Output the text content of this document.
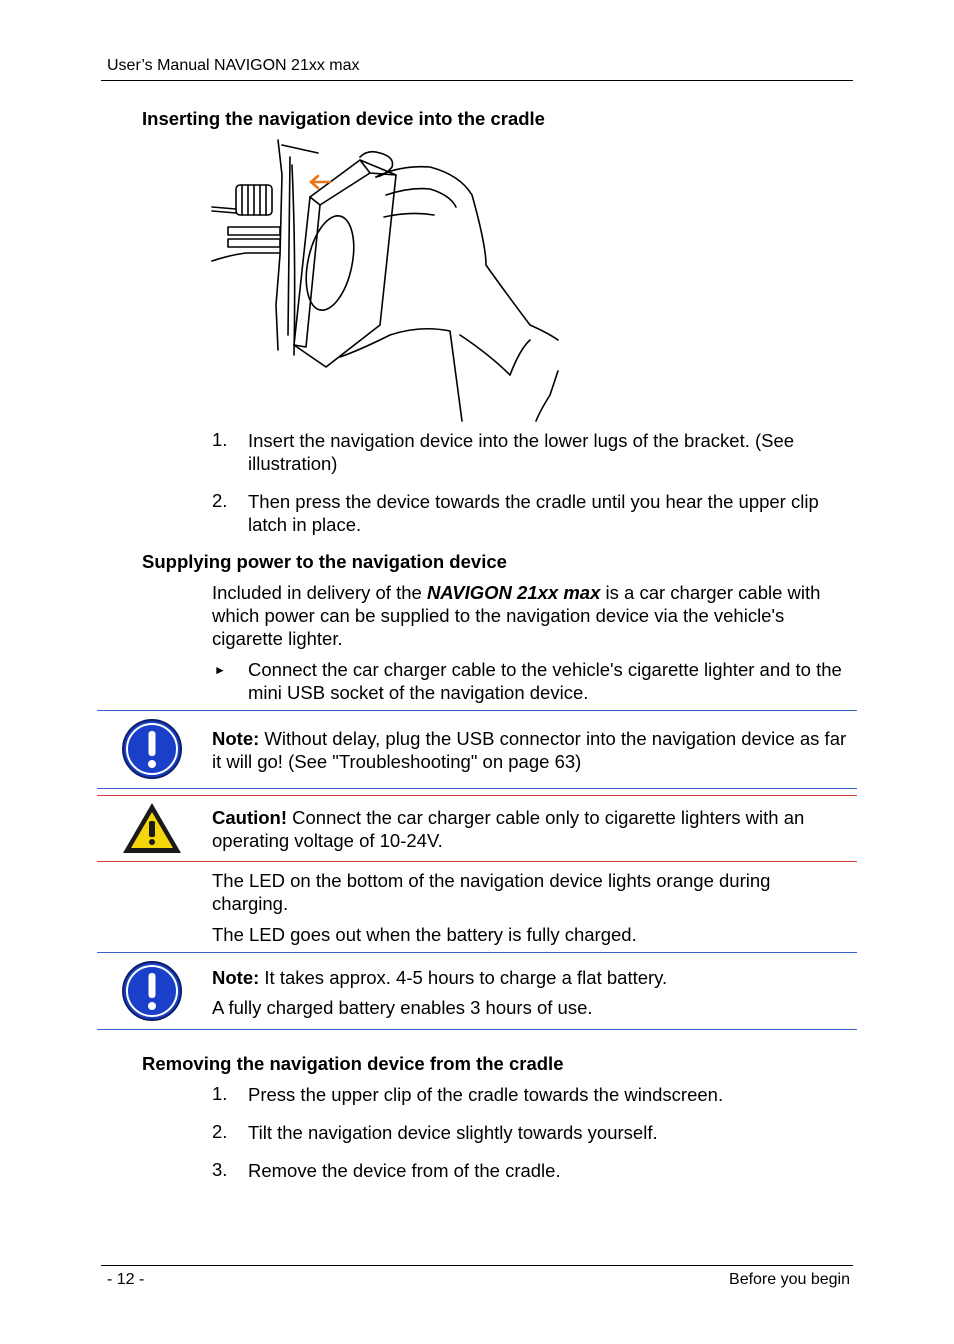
User’s Manual NAVIGON 21xx max
Inserting the navigation device into the cradle
1. Insert the navigation device into the lower lugs of the bracket. (See illustration)
2. Then press the device towards the cradle until you hear the upper clip latch in place.
Supplying power to the navigation device
Included in delivery of the NAVIGON 21xx max is a car charger cable with which power can be supplied to the navigation device via the vehicle's cigarette lighter.
► Connect the car charger cable to the vehicle's cigarette lighter and to the mini USB socket of the navigation device.
Note: Without delay, plug the USB connector into the navigation device as far it will go! (See "Troubleshooting" on page 63)
Caution! Connect the car charger cable only to cigarette lighters with an operating voltage of 10-24V.
The LED on the bottom of the navigation device lights orange during charging.
The LED goes out when the battery is fully charged.
Note: It takes approx. 4-5 hours to charge a flat battery.
A fully charged battery enables 3 hours of use.
Removing the navigation device from the cradle
1. Press the upper clip of the cradle towards the windscreen.
2. Tilt the navigation device slightly towards yourself.
3. Remove the device from of the cradle.
- 12 -	Before you begin
